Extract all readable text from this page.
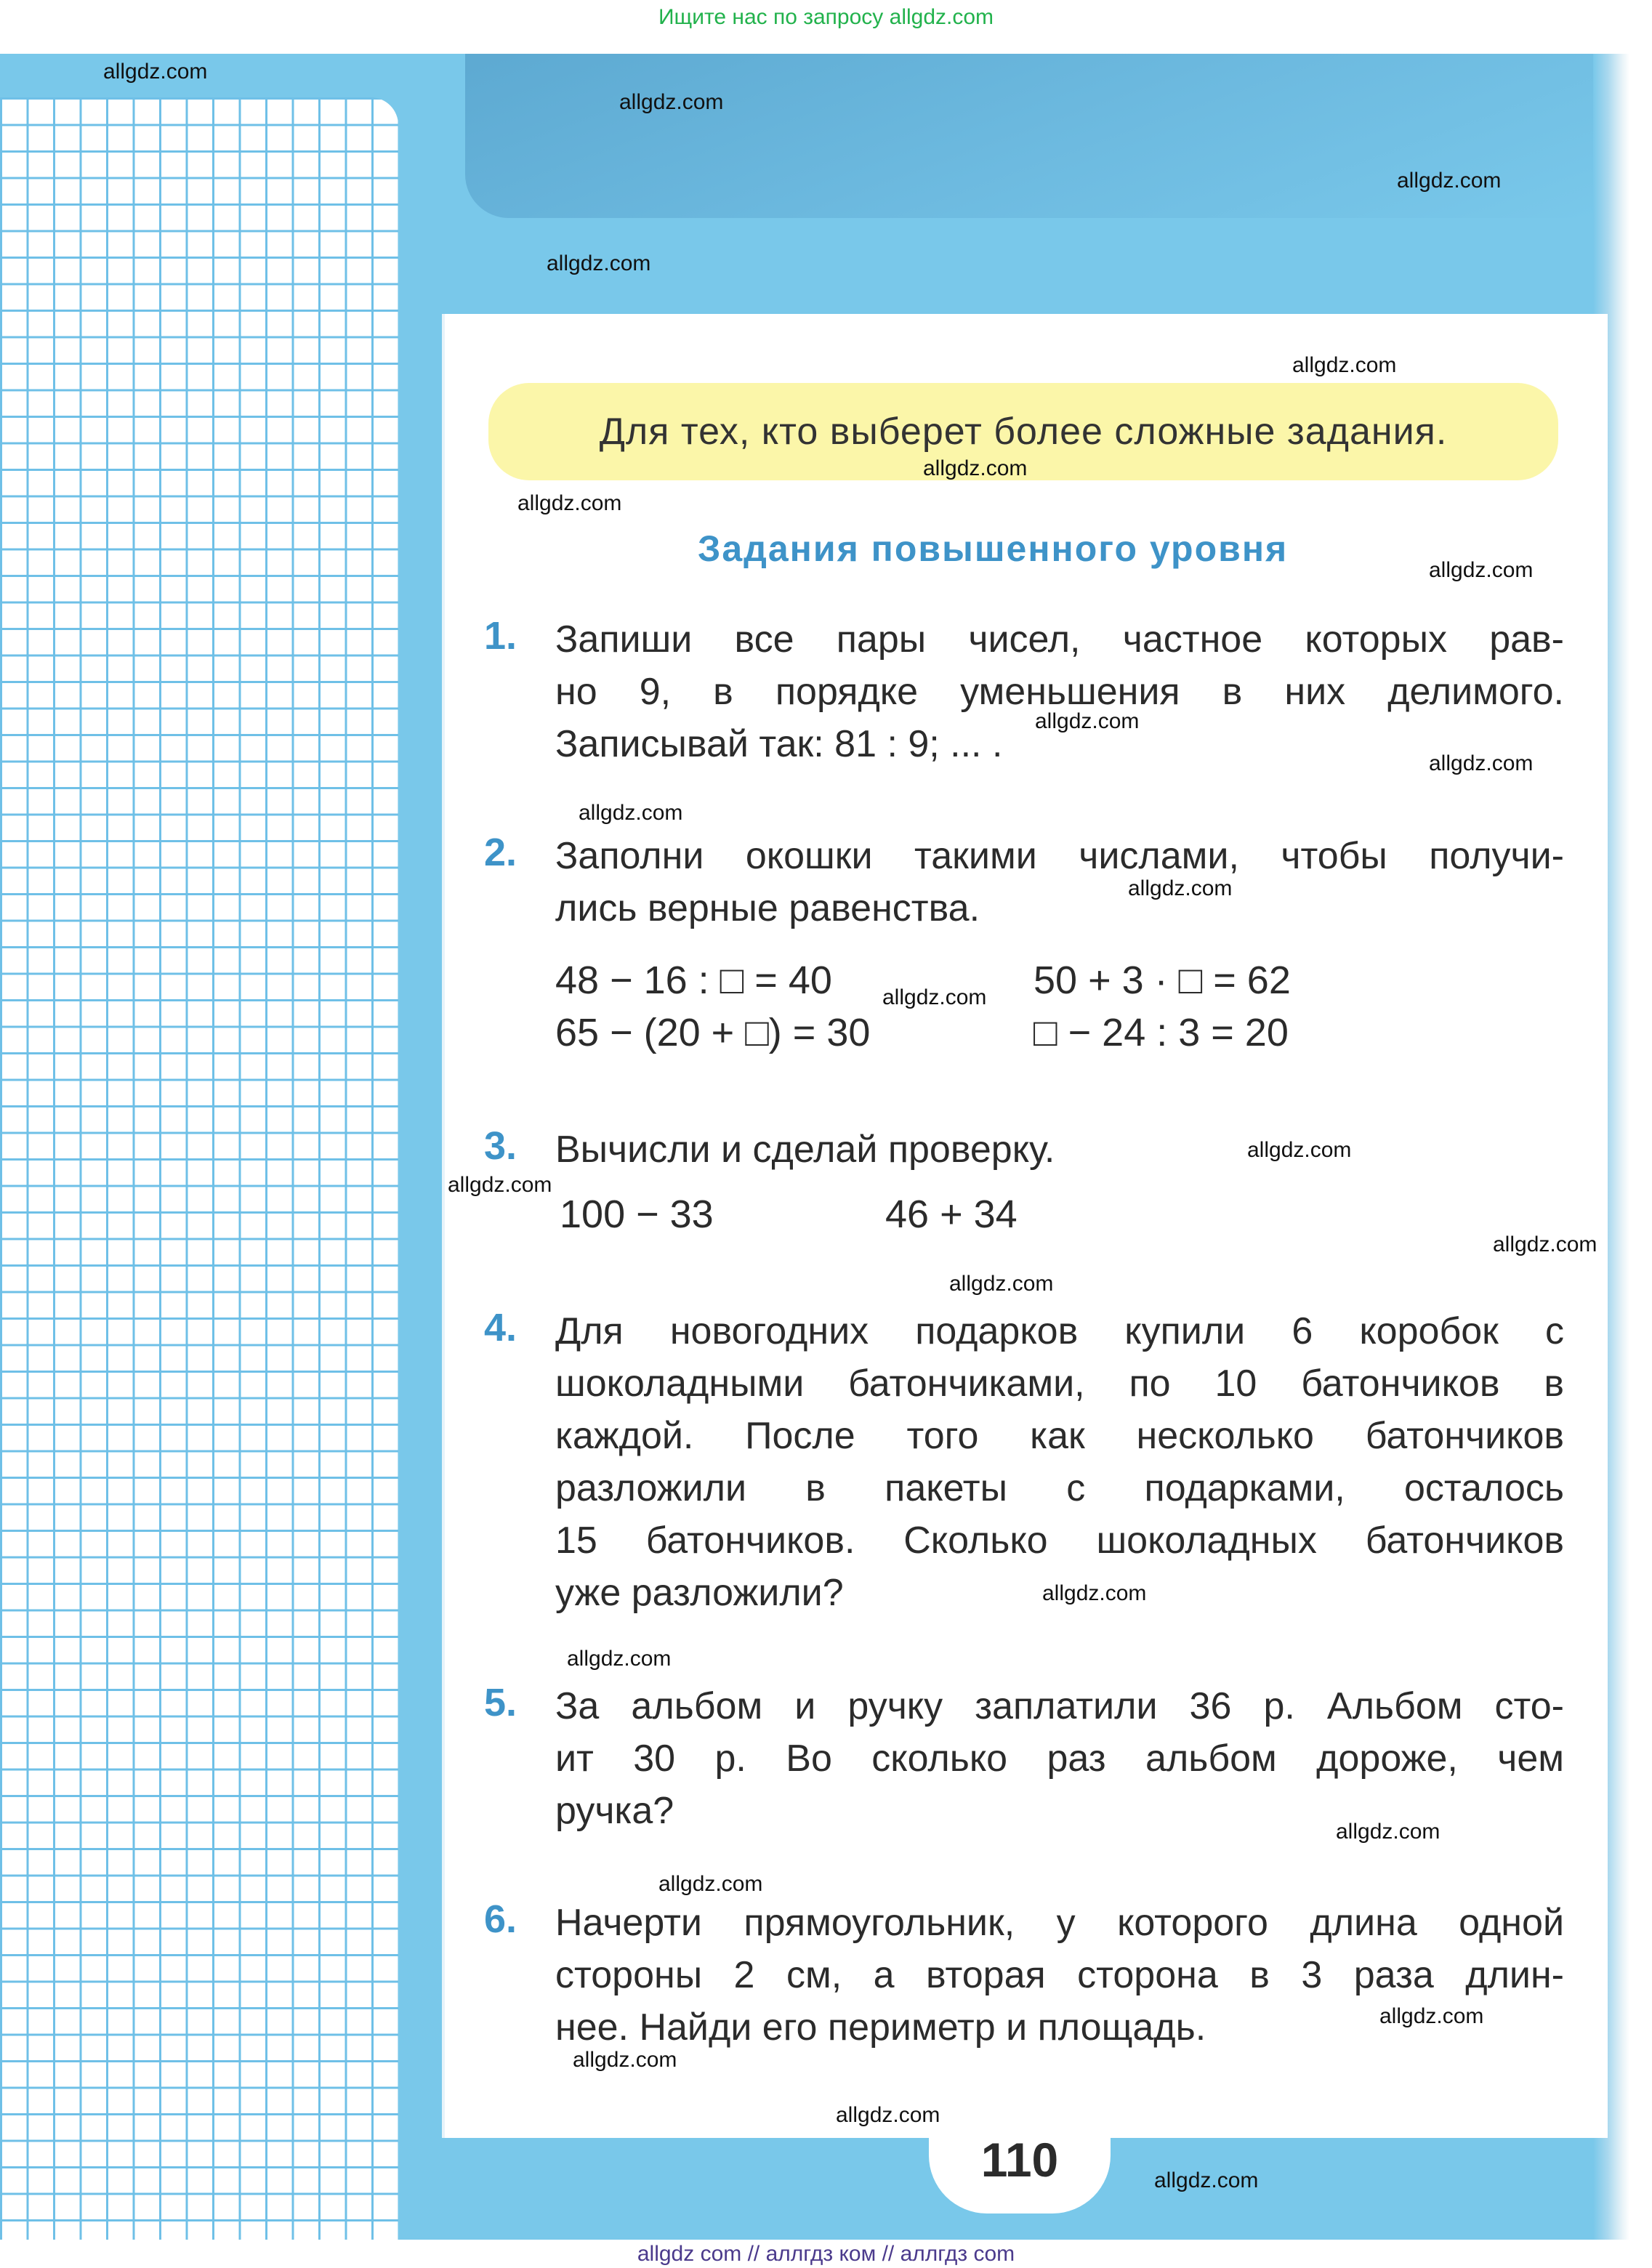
Ищите нас по запросу allgdz.com
Для тех, кто выберет более сложные задания.
Задания повышенного уровня
1. Запиши все пары чисел, частное которых рав-
но 9, в порядке уменьшения в них делимого.
Записывай так: 81 : 9; ... .
2. Заполни окошки такими числами, чтобы получи-
лись верные равенства.
48 − 16 : □ = 40	50 + 3 · □ = 62
65 − (20 + □) = 30	□ − 24 : 3 = 20
3. Вычисли и сделай проверку.
100 − 33	46 + 34
4. Для новогодних подарков купили 6 коробок с
шоколадными батончиками, по 10 батончиков в
каждой. После того как несколько батончиков
разложили в пакеты с подарками, осталось
15 батончиков. Сколько шоколадных батончиков
уже разложили?
5. За альбом и ручку заплатили 36 р. Альбом сто-
ит 30 р. Во сколько раз альбом дороже, чем
ручка?
6. Начерти прямоугольник, у которого длина одной
стороны 2 см, а вторая сторона в 3 раза длин-
нее. Найди его периметр и площадь.
110
allgdz.com
allgdz.com
allgdz.com
allgdz.com
allgdz.com
allgdz.com
allgdz.com
allgdz.com
allgdz.com
allgdz.com
allgdz.com
allgdz.com
allgdz.com
allgdz.com
allgdz.com
allgdz.com
allgdz.com
allgdz.com
allgdz.com
allgdz.com
allgdz.com
allgdz.com
allgdz.com
allgdz.com
allgdz.com
allgdz com // аллгдз ком // аллгдз com
